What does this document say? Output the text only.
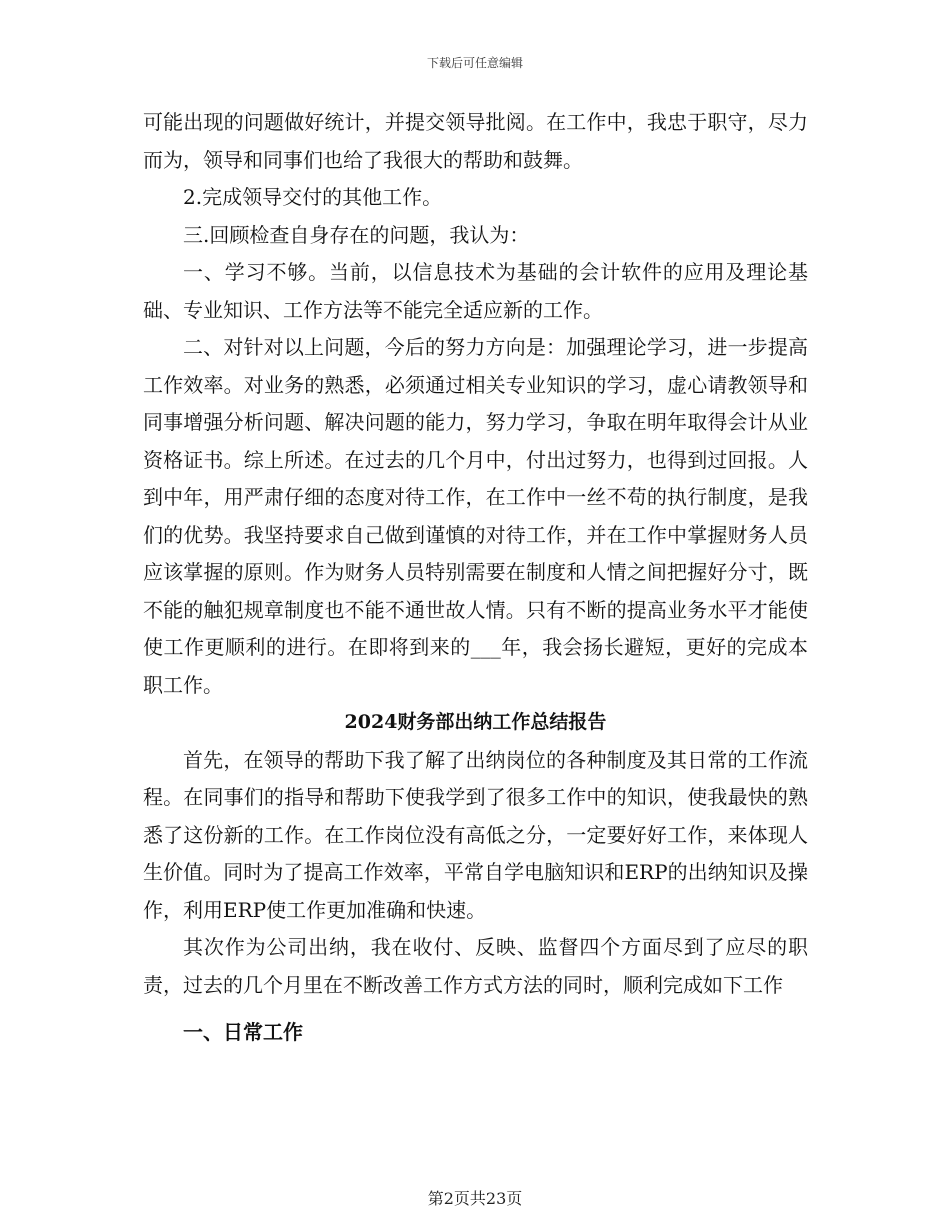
下载后可任意编辑

可能出现的问题做好统计，并提交领导批阅。在工作中，我忠于职守，尽力而为，领导和同事们也给了我很大的帮助和鼓舞。

2.完成领导交付的其他工作。

三.回顾检查自身存在的问题，我认为：

一、学习不够。当前，以信息技术为基础的会计软件的应用及理论基础、专业知识、工作方法等不能完全适应新的工作。

二、对针对以上问题，今后的努力方向是：加强理论学习，进一步提高工作效率。对业务的熟悉，必须通过相关专业知识的学习，虚心请教领导和同事增强分析问题、解决问题的能力，努力学习，争取在明年取得会计从业资格证书。综上所述。在过去的几个月中，付出过努力，也得到过回报。人到中年，用严肃仔细的态度对待工作，在工作中一丝不苟的执行制度，是我们的优势。我坚持要求自己做到谨慎的对待工作，并在工作中掌握财务人员应该掌握的原则。作为财务人员特别需要在制度和人情之间把握好分寸，既不能的触犯规章制度也不能不通世故人情。只有不断的提高业务水平才能使使工作更顺利的进行。在即将到来的___年，我会扬长避短，更好的完成本职工作。

2024财务部出纳工作总结报告

首先，在领导的帮助下我了解了出纳岗位的各种制度及其日常的工作流程。在同事们的指导和帮助下使我学到了很多工作中的知识，使我最快的熟悉了这份新的工作。在工作岗位没有高低之分，一定要好好工作，来体现人生价值。同时为了提高工作效率，平常自学电脑知识和ERP的出纳知识及操作，利用ERP使工作更加准确和快速。

其次作为公司出纳，我在收付、反映、监督四个方面尽到了应尽的职责，过去的几个月里在不断改善工作方式方法的同时，顺利完成如下工作

一、日常工作

第2页共23页
